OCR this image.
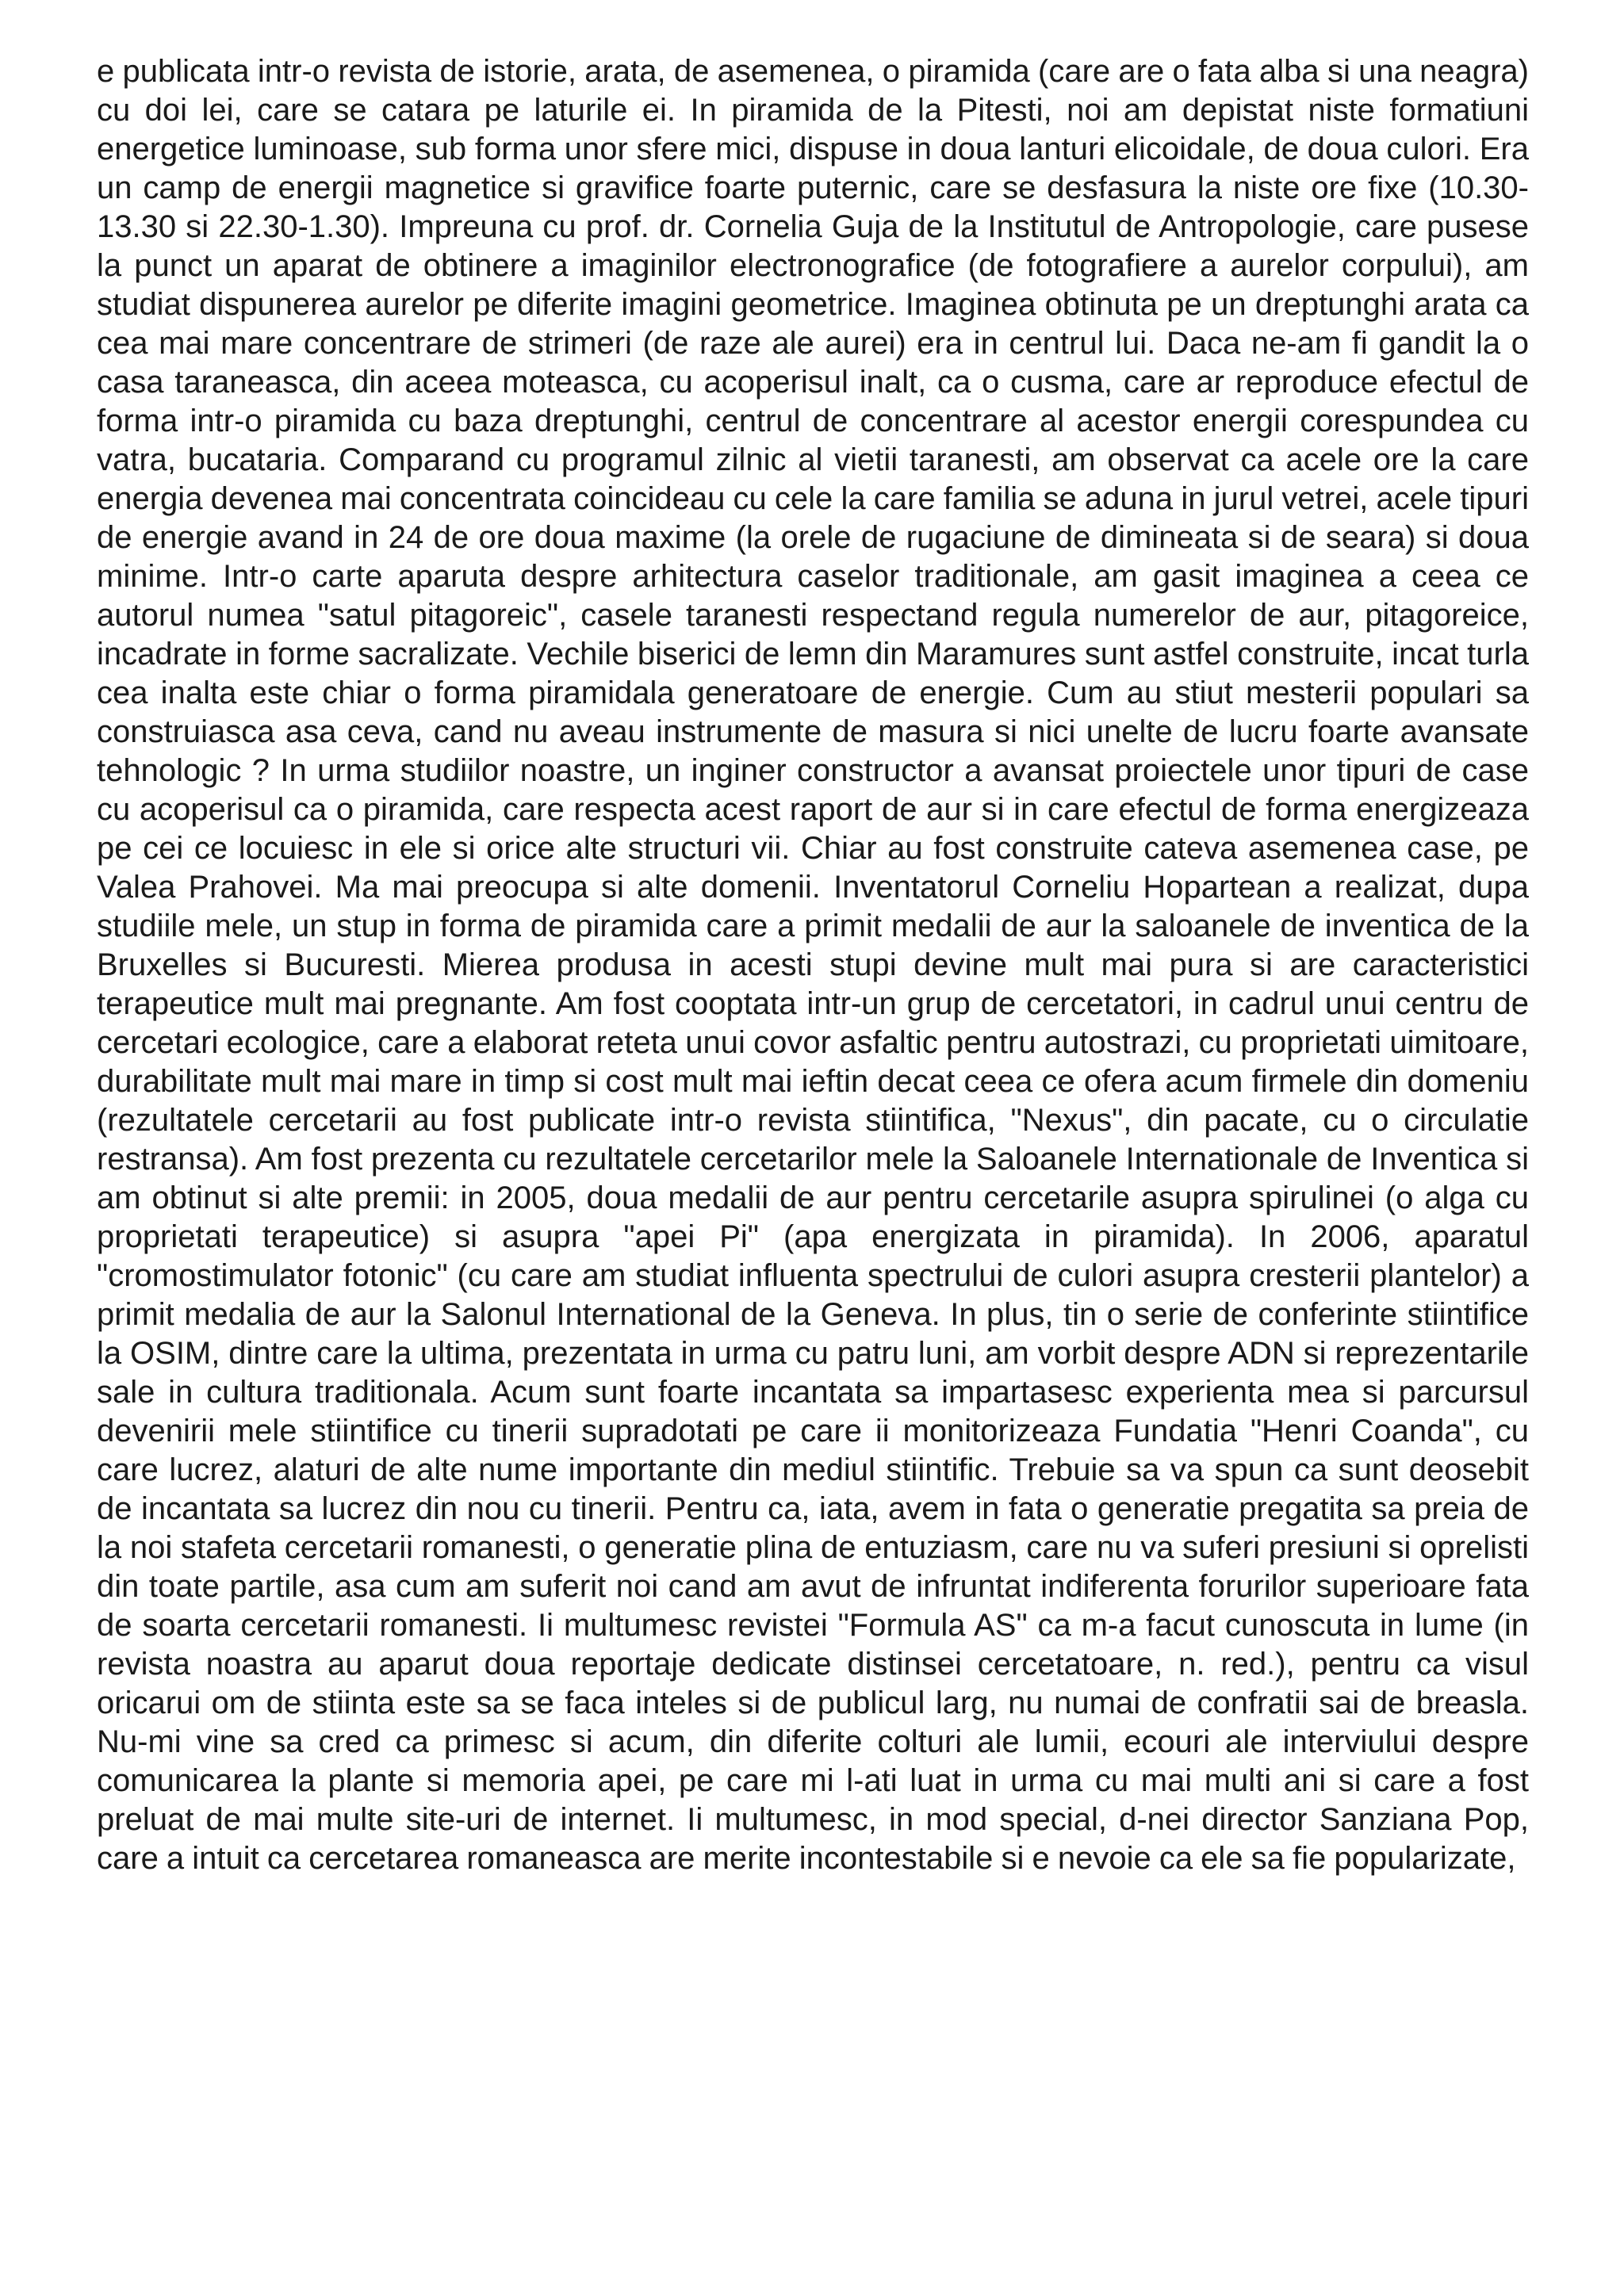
e publicata intr-o revista de istorie, arata, de asemenea, o piramida (care are o fata alba si una neagra) cu doi lei, care se catara pe laturile ei. In piramida de la Pitesti, noi am depistat niste formatiuni energetice luminoase, sub forma unor sfere mici, dispuse in doua lanturi elicoidale, de doua culori. Era un camp de energii magnetice si gravifice foarte puternic, care se desfasura la niste ore fixe (10.30-13.30 si 22.30-1.30). Impreuna cu prof. dr. Cornelia Guja de la Institutul de Antropologie, care pusese la punct un aparat de obtinere a imaginilor electronografice (de fotografiere a aurelor corpului), am studiat dispunerea aurelor pe diferite imagini geometrice. Imaginea obtinuta pe un dreptunghi arata ca cea mai mare concentrare de strimeri (de raze ale aurei) era in centrul lui. Daca ne-am fi gandit la o casa taraneasca, din aceea moteasca, cu acoperisul inalt, ca o cusma, care ar reproduce efectul de forma intr-o piramida cu baza dreptunghi, centrul de concentrare al acestor energii corespundea cu vatra, bucataria. Comparand cu programul zilnic al vietii taranesti, am observat ca acele ore la care energia devenea mai concentrata coincideau cu cele la care familia se aduna in jurul vetrei, acele tipuri de energie avand in 24 de ore doua maxime (la orele de rugaciune de dimineata si de seara) si doua minime. Intr-o carte aparuta despre arhitectura caselor traditionale, am gasit imaginea a ceea ce autorul numea "satul pitagoreic", casele taranesti respectand regula numerelor de aur, pitagoreice, incadrate in forme sacralizate. Vechile biserici de lemn din Maramures sunt astfel construite, incat turla cea inalta este chiar o forma piramidala generatoare de energie. Cum au stiut mesterii populari sa construiasca asa ceva, cand nu aveau instrumente de masura si nici unelte de lucru foarte avansate tehnologic ? In urma studiilor noastre, un inginer constructor a avansat proiectele unor tipuri de case cu acoperisul ca o piramida, care respecta acest raport de aur si in care efectul de forma energizeaza pe cei ce locuiesc in ele si orice alte structuri vii. Chiar au fost construite cateva asemenea case, pe Valea Prahovei. Ma mai preocupa si alte domenii. Inventatorul Corneliu Hopartean a realizat, dupa studiile mele, un stup in forma de piramida care a primit medalii de aur la saloanele de inventica de la Bruxelles si Bucuresti. Mierea produsa in acesti stupi devine mult mai pura si are caracteristici terapeutice mult mai pregnante. Am fost cooptata intr-un grup de cercetatori, in cadrul unui centru de cercetari ecologice, care a elaborat reteta unui covor asfaltic pentru autostrazi, cu proprietati uimitoare, durabilitate mult mai mare in timp si cost mult mai ieftin decat ceea ce ofera acum firmele din domeniu (rezultatele cercetarii au fost publicate intr-o revista stiintifica, "Nexus", din pacate, cu o circulatie restransa). Am fost prezenta cu rezultatele cercetarilor mele la Saloanele Internationale de Inventica si am obtinut si alte premii: in 2005, doua medalii de aur pentru cercetarile asupra spirulinei (o alga cu proprietati terapeutice) si asupra "apei Pi" (apa energizata in piramida). In 2006, aparatul "cromostimulator fotonic" (cu care am studiat influenta spectrului de culori asupra cresterii plantelor) a primit medalia de aur la Salonul International de la Geneva. In plus, tin o serie de conferinte stiintifice la OSIM, dintre care la ultima, prezentata in urma cu patru luni, am vorbit despre ADN si reprezentarile sale in cultura traditionala. Acum sunt foarte incantata sa impartasesc experienta mea si parcursul devenirii mele stiintifice cu tinerii supradotati pe care ii monitorizeaza Fundatia "Henri Coanda", cu care lucrez, alaturi de alte nume importante din mediul stiintific. Trebuie sa va spun ca sunt deosebit de incantata sa lucrez din nou cu tinerii. Pentru ca, iata, avem in fata o generatie pregatita sa preia de la noi stafeta cercetarii romanesti, o generatie plina de entuziasm, care nu va suferi presiuni si oprelisti din toate partile, asa cum am suferit noi cand am avut de infruntat indiferenta forurilor superioare fata de soarta cercetarii romanesti. Ii multumesc revistei "Formula AS" ca m-a facut cunoscuta in lume (in revista noastra au aparut doua reportaje dedicate distinsei cercetatoare, n. red.), pentru ca visul oricarui om de stiinta este sa se faca inteles si de publicul larg, nu numai de confratii sai de breasla. Nu-mi vine sa cred ca primesc si acum, din diferite colturi ale lumii, ecouri ale interviului despre comunicarea la plante si memoria apei, pe care mi l-ati luat in urma cu mai multi ani si care a fost preluat de mai multe site-uri de internet. Ii multumesc, in mod special, d-nei director Sanziana Pop, care a intuit ca cercetarea romaneasca are merite incontestabile si e nevoie ca ele sa fie popularizate,
